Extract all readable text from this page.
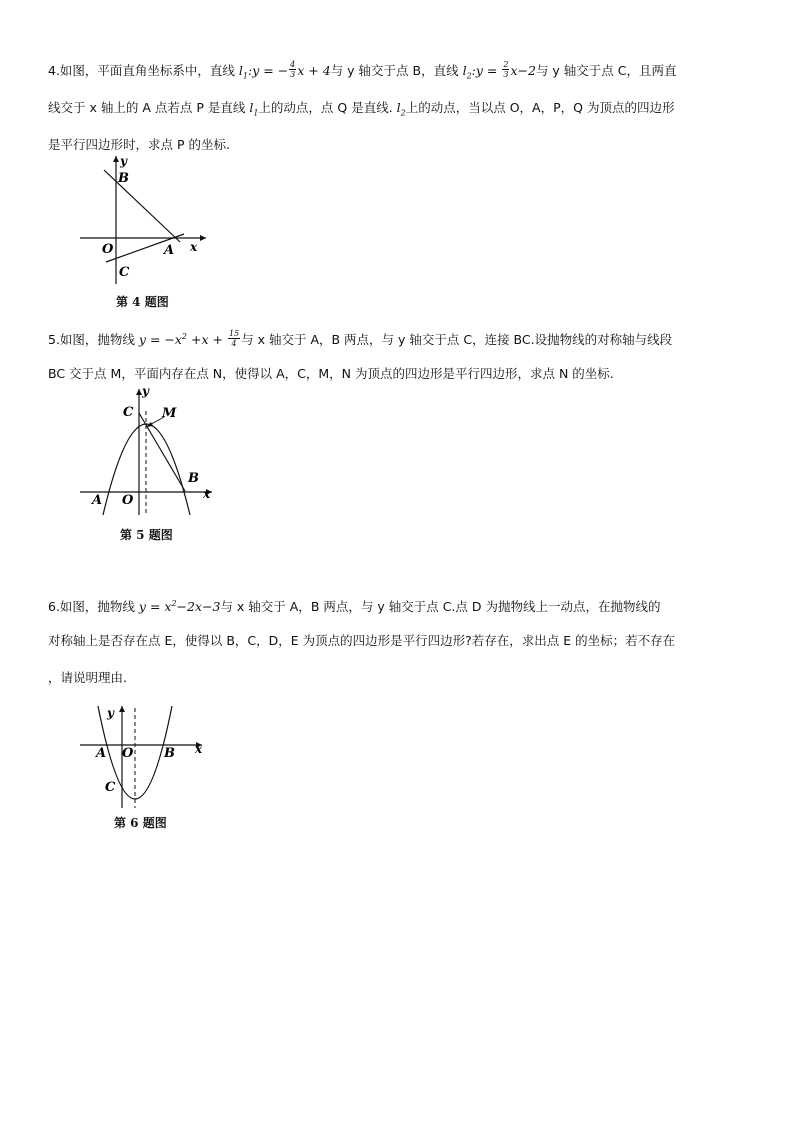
4.如图，平面直角坐标系中，直线 $l_1:y$ = − $\frac{4}{3}$ x + 4与 y 轴交于点 B，直线 $l_2:y = \frac{2}{3} x-2$与 y 轴交于点 C，且两直
线交于 x 轴上的 A 点若点 P 是直线 $l_1$上的动点，点 Q 是直线. $l_2$上的动点，当以点 O，A，P，Q 为顶点的四边形
是平行四边形时，求点 P 的坐标.
y
B
O	A x
C
第 4 题图
5.如图，抛物线 $y = -x^2 +x + \frac{15}{4}$ 与 x 轴交于 A，B 两点，与 y 轴交于点 C，连接 BC.设抛物线的对称轴与线段
BC 交于点 M，平面内存在点 N，使得以 A，C，M，N 为顶点的四边形是平行四边形，求点 N 的坐标.
y
C M
B
A O	x
第 5 题图
6.如图，抛物线 $y = x^2-2x-3$与 x 轴交于 A，B 两点，与 y 轴交于点 C.点 D 为抛物线上一动点，在抛物线的
对称轴上是否存在点 E，使得以 B，C，D，E 为顶点的四边形是平行四边形?若存在，求出点 E 的坐标；若不存在
，请说明理由.
y
A O B x
C
第 6 题图
